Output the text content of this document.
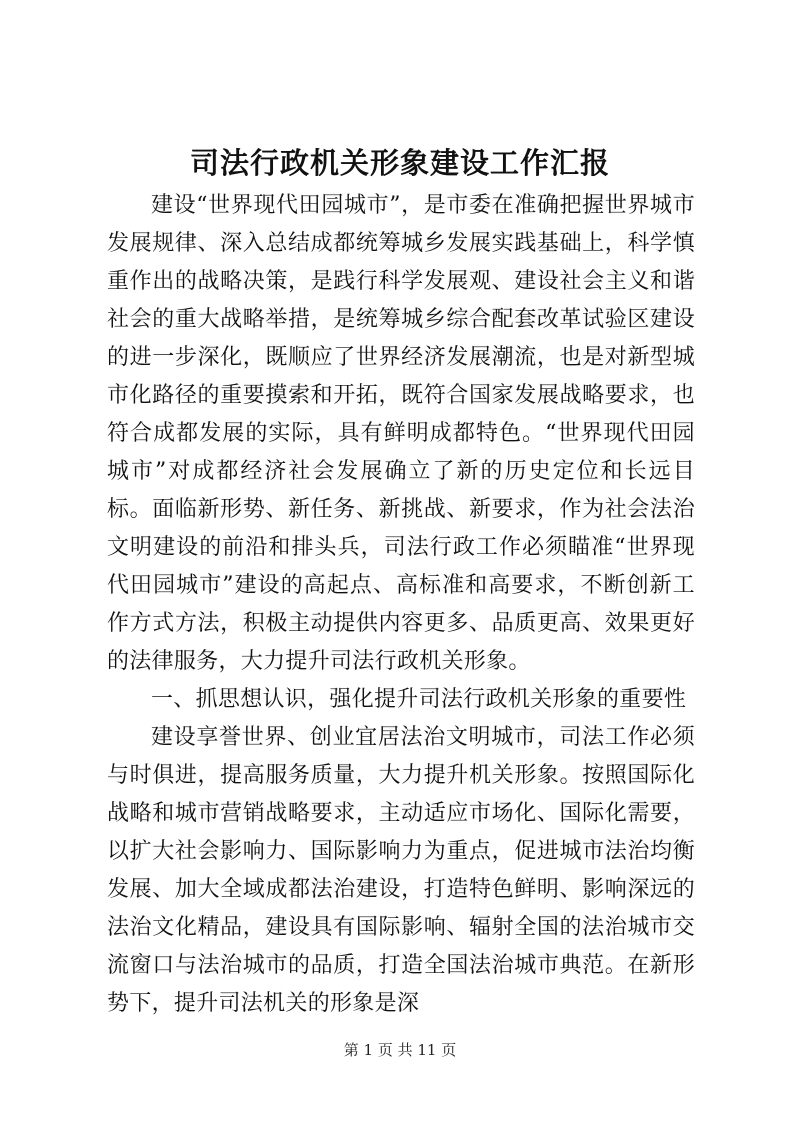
司法行政机关形象建设工作汇报

建设“世界现代田园城市”，是市委在准确把握世界城市发展规律、深入总结成都统筹城乡发展实践基础上，科学慎重作出的战略决策，是践行科学发展观、建设社会主义和谐社会的重大战略举措，是统筹城乡综合配套改革试验区建设的进一步深化，既顺应了世界经济发展潮流，也是对新型城市化路径的重要摸索和开拓，既符合国家发展战略要求，也符合成都发展的实际，具有鲜明成都特色。“世界现代田园城市”对成都经济社会发展确立了新的历史定位和长远目标。面临新形势、新任务、新挑战、新要求，作为社会法治文明建设的前沿和排头兵，司法行政工作必须瞄准“世界现代田园城市”建设的高起点、高标准和高要求，不断创新工作方式方法，积极主动提供内容更多、品质更高、效果更好的法律服务，大力提升司法行政机关形象。

一、抓思想认识，强化提升司法行政机关形象的重要性

建设享誉世界、创业宜居法治文明城市，司法工作必须与时俱进，提高服务质量，大力提升机关形象。按照国际化战略和城市营销战略要求，主动适应市场化、国际化需要，以扩大社会影响力、国际影响力为重点，促进城市法治均衡发展、加大全域成都法治建设，打造特色鲜明、影响深远的法治文化精品，建设具有国际影响、辐射全国的法治城市交流窗口与法治城市的品质，打造全国法治城市典范。在新形势下，提升司法机关的形象是深

第 1 页 共 11 页
